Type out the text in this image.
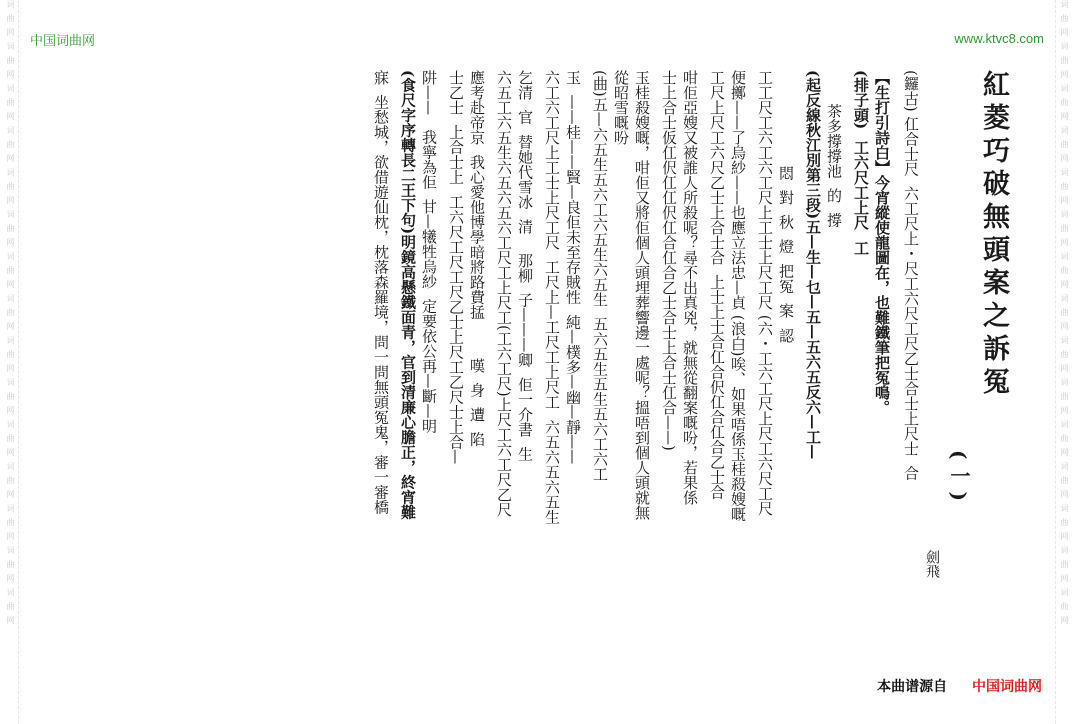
词曲网词曲网词曲网词曲网词曲网词曲网词曲网词曲网词曲网词曲网词曲网词曲网词曲网词曲网词曲网	词曲网词曲网词曲网词曲网词曲网词曲网词曲网词曲网词曲网词曲网词曲网词曲网词曲网词曲网词曲网
中国词曲网	www.ktvc8.com
紅菱巧破無頭案之訴冤
(一)
劍飛
(鑼古) 仜合士尺  六工尺上・尺工六尺工尺乙士合士上尺士  合
【生打引詩白】今宵縱使龍圖在，也難鐵筆把冤鳴。
(排子頭)  工六尺工上尺  工
茶多撐撐池  的  撐
(起反線秋江別第三段)五—生—乜—五—五六五反六—工—
悶  對  秋  燈  把冤  案  認
工工尺工六工六工尺上工士上尺工尺 (六・工六工尺上尺工六尺工尺
便擲——了烏紗——也應立法忠—貞 (浪白)唉、如果唔係玉桂殺嫂嘅
工尺上尺工六尺乙士上合士合  上士上士合仜合伬仜合仜合乙士合
咁佢亞嫂又被誰人所殺呢？尋不出真兇，就無從翻案嘅吩，若果係
士上合士仮仜伬仜仜伬仜合仜合乙士合士上合士仜合——)
玉桂殺嫂嘅，咁佢又將佢個人頭埋葬響邊一處呢？搵唔到個人頭就無
從昭雪嘅吩
(曲)五—六五生五六工六五生六五生  五六五生五生五六工六工
玉  ——桂——賢—良佢未至存賊性  純—樸多—幽—靜——
六工六工尺上工士上尺工尺  工尺上—工尺工上尺工  六五六五六五生
乞清  官  替她代雪冰  清    那柳  子———卿  佢一介書  生
六五工六五生六五六五六工尺工上尺工(工六工尺)上尺工六工尺乙尺
應考赴帝京  我心愛他博學暗將路費掹        嘆  身  遭  陷
士乙士  上合士上  工六尺工尺工尺乙士上尺工乙尺士上合—
阱——   我寧為佢  甘—犧牲烏紗  定要依公再—斷—明
(食尺字序轉長二王下句)明鏡高懸鐵面青，官到清廉心膽正，終宵難
寐  坐愁城，欲借遊仙枕，枕落森羅境，問一問無頭冤鬼，審一審橋
本曲谱源自 中国词曲网
